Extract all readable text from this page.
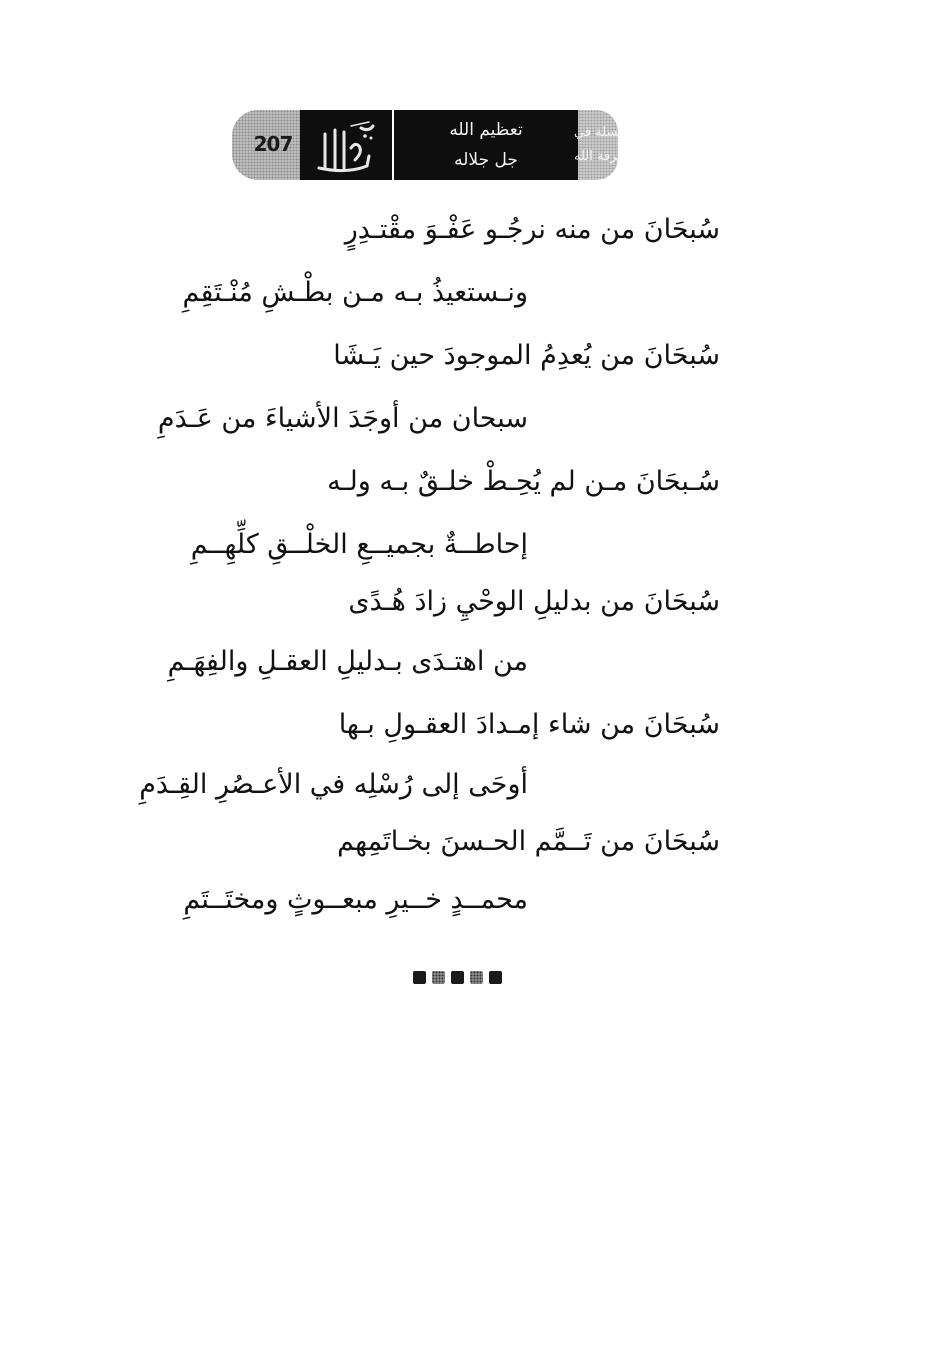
207
تعظيم الله
جل جلاله
سلسلة في
معرفة الله
سُبحَانَ من منه نرجُـو عَفْـوَ مقْتـدِرٍ
ونـستعيذُ بـه مـن بطْـشِ مُنْـتَقِمِ
سُبحَانَ من يُعدِمُ الموجودَ حين يَـشَا
سبحان من أوجَدَ الأشياءَ من عَـدَمِ
سُـبحَانَ مـن لم يُحِـطْ خلـقٌ بـه ولـه
إحاطــةٌ بجميــعِ الخلْــقِ كلِّهِــمِ
سُبحَانَ من بدليلِ الوحْيِ زادَ هُـدًى
من اهتـدَى بـدليلِ العقـلِ والفِهَـمِ
سُبحَانَ من شاء إمـدادَ العقـولِ بـها
أوحَى إلى رُسْلِه في الأعـصُرِ القِـدَمِ
سُبحَانَ من تَــمَّم الحـسنَ بخـاتَمِهم
محمــدٍ خــيرِ مبعــوثٍ ومختَــتَمِ
